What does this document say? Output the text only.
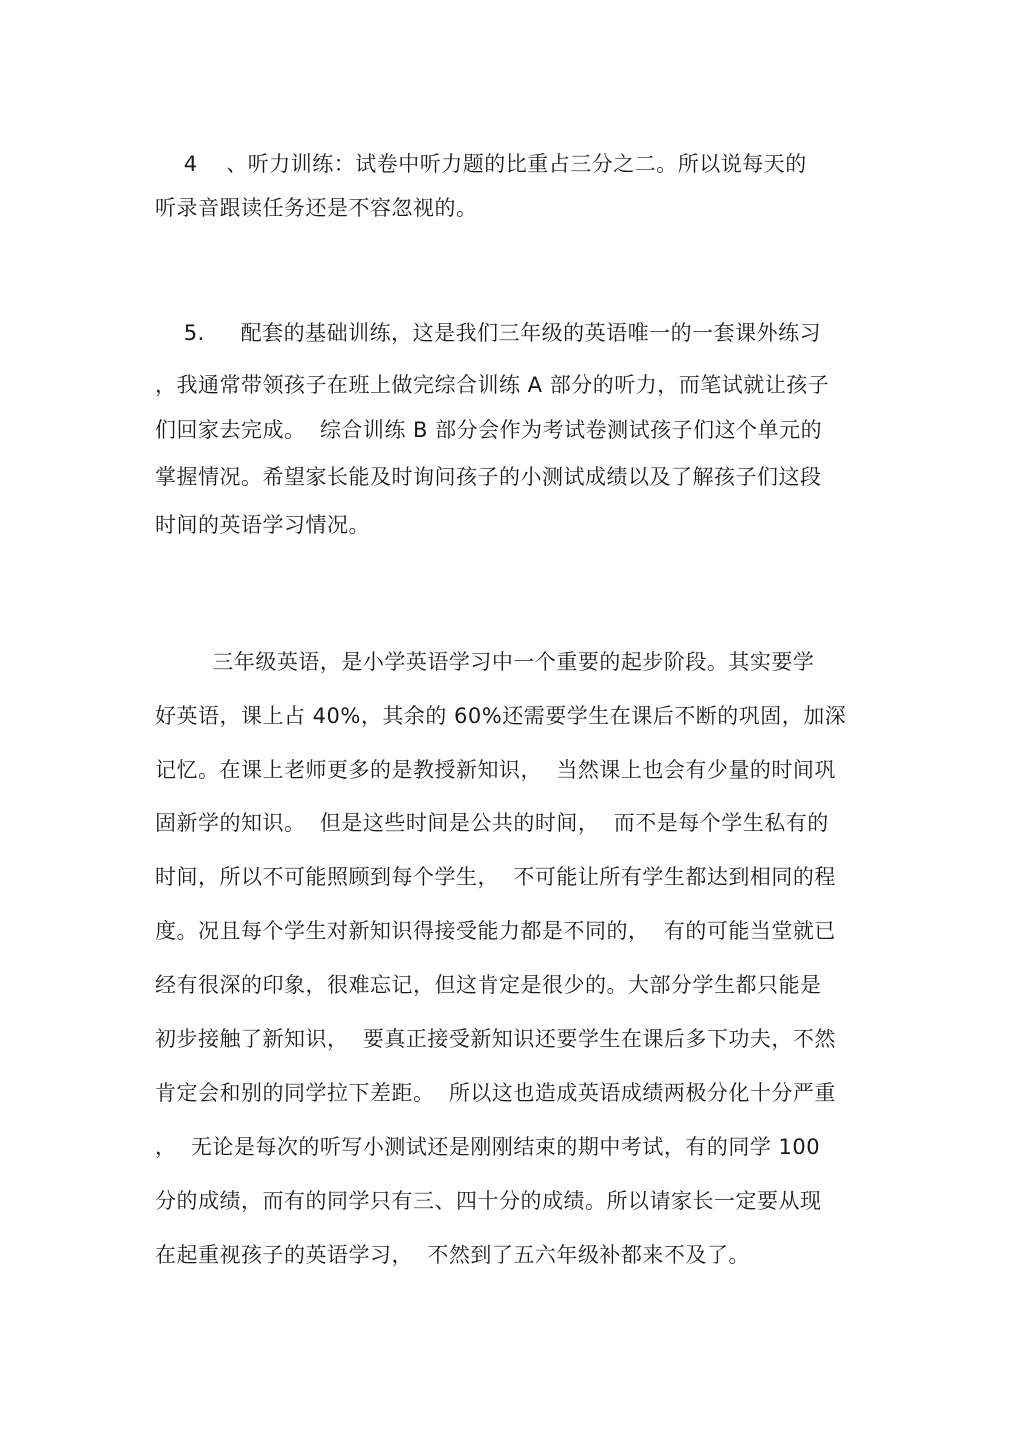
4    、听力训练：试卷中听力题的比重占三分之二。所以说每天的
听录音跟读任务还是不容忽视的。
5.     配套的基础训练，这是我们三年级的英语唯一的一套课外练习
，我通常带领孩子在班上做完综合训练 A 部分的听力，而笔试就让孩子
们回家去完成。  综合训练 B 部分会作为考试卷测试孩子们这个单元的
掌握情况。希望家长能及时询问孩子的小测试成绩以及了解孩子们这段
时间的英语学习情况。
三年级英语，是小学英语学习中一个重要的起步阶段。其实要学
好英语，课上占 40%，其余的 60%还需要学生在课后不断的巩固，加深
记忆。在课上老师更多的是教授新知识，  当然课上也会有少量的时间巩
固新学的知识。  但是这些时间是公共的时间，  而不是每个学生私有的
时间，所以不可能照顾到每个学生，  不可能让所有学生都达到相同的程
度。况且每个学生对新知识得接受能力都是不同的，  有的可能当堂就已
经有很深的印象，很难忘记，但这肯定是很少的。大部分学生都只能是
初步接触了新知识，  要真正接受新知识还要学生在课后多下功夫，不然
肯定会和别的同学拉下差距。  所以这也造成英语成绩两极分化十分严重
，  无论是每次的听写小测试还是刚刚结束的期中考试，有的同学 100
分的成绩，而有的同学只有三、四十分的成绩。所以请家长一定要从现
在起重视孩子的英语学习，  不然到了五六年级补都来不及了。
